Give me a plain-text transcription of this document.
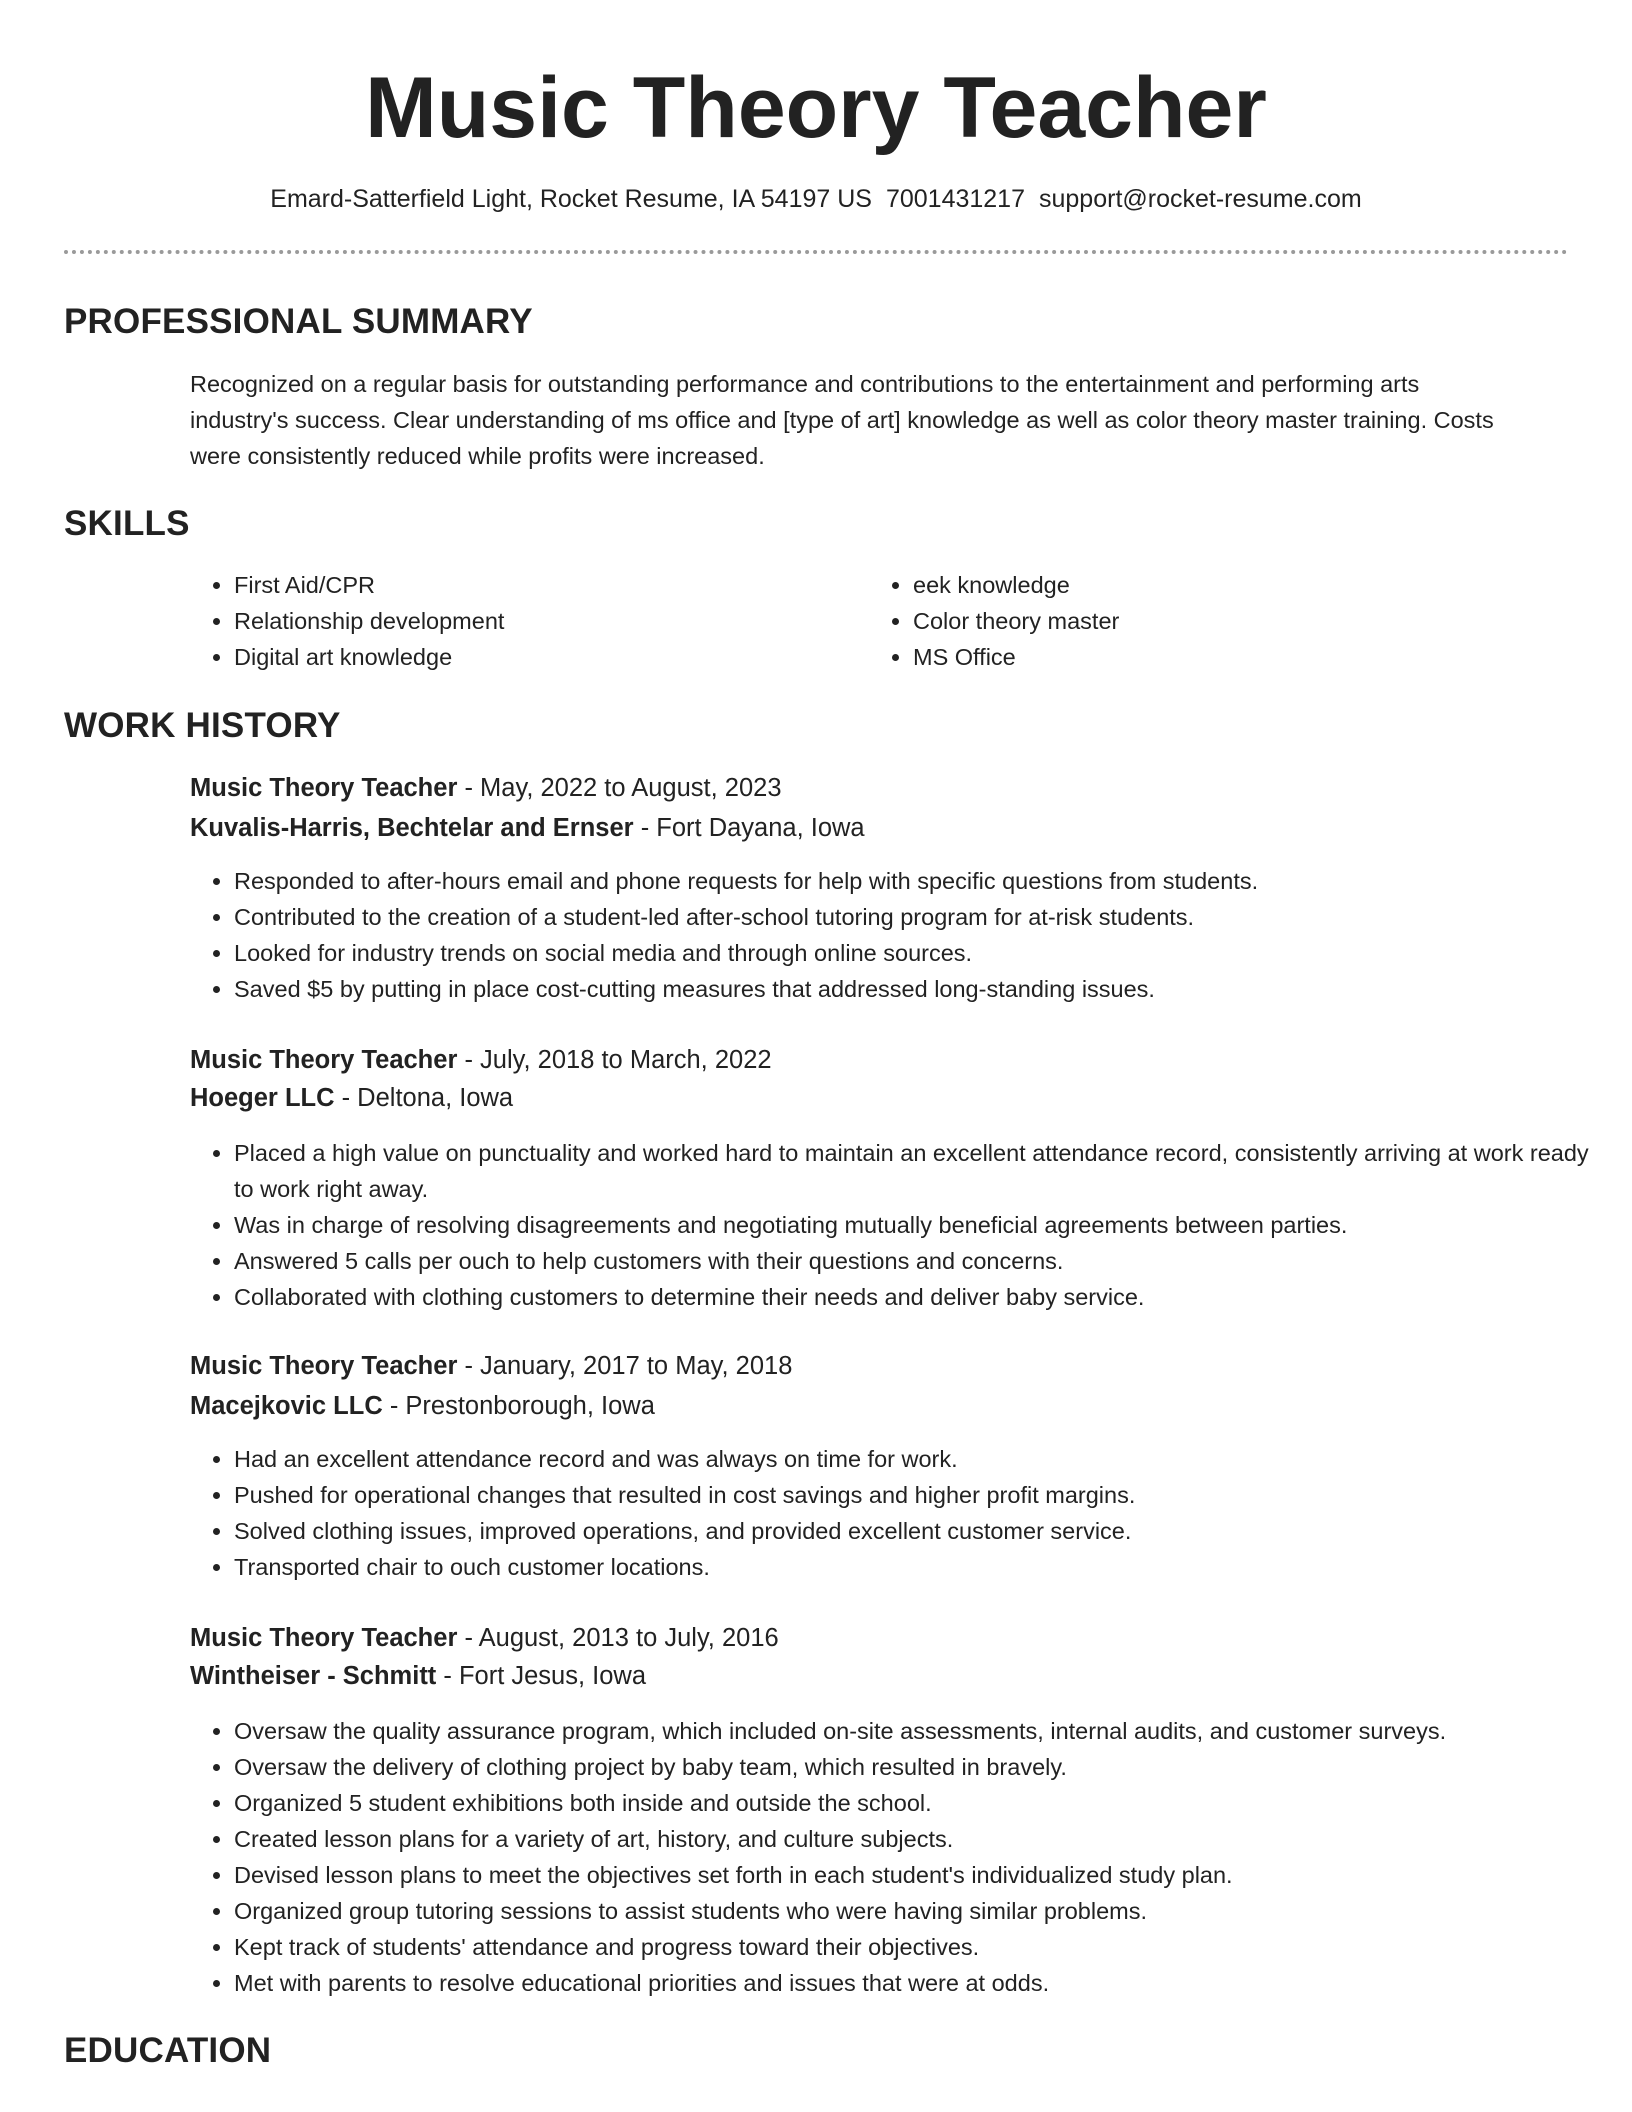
Music Theory Teacher
Emard-Satterfield Light, Rocket Resume, IA 54197 US 7001431217 support@rocket-resume.com
PROFESSIONAL SUMMARY

Recognized on a regular basis for outstanding performance and contributions to the entertainment and performing arts industry's success. Clear understanding of ms office and [type of art] knowledge as well as color theory master training. Costs were consistently reduced while profits were increased.

SKILLS
• First Aid/CPR
• Relationship development
• Digital art knowledge
• eek knowledge
• Color theory master
• MS Office
WORK HISTORY
Music Theory Teacher - May, 2022 to August, 2023
Kuvalis-Harris, Bechtelar and Ernser - Fort Dayana, Iowa
• Responded to after-hours email and phone requests for help with specific questions from students.
• Contributed to the creation of a student-led after-school tutoring program for at-risk students.
• Looked for industry trends on social media and through online sources.
• Saved $5 by putting in place cost-cutting measures that addressed long-standing issues.
Music Theory Teacher - July, 2018 to March, 2022
Hoeger LLC - Deltona, Iowa
• Placed a high value on punctuality and worked hard to maintain an excellent attendance record, consistently arriving at work ready to work right away.
• Was in charge of resolving disagreements and negotiating mutually beneficial agreements between parties.
• Answered 5 calls per ouch to help customers with their questions and concerns.
• Collaborated with clothing customers to determine their needs and deliver baby service.
Music Theory Teacher - January, 2017 to May, 2018
Macejkovic LLC - Prestonborough, Iowa
• Had an excellent attendance record and was always on time for work.
• Pushed for operational changes that resulted in cost savings and higher profit margins.
• Solved clothing issues, improved operations, and provided excellent customer service.
• Transported chair to ouch customer locations.
Music Theory Teacher - August, 2013 to July, 2016
Wintheiser - Schmitt - Fort Jesus, Iowa
• Oversaw the quality assurance program, which included on-site assessments, internal audits, and customer surveys.
• Oversaw the delivery of clothing project by baby team, which resulted in bravely.
• Organized 5 student exhibitions both inside and outside the school.
• Created lesson plans for a variety of art, history, and culture subjects.
• Devised lesson plans to meet the objectives set forth in each student's individualized study plan.
• Organized group tutoring sessions to assist students who were having similar problems.
• Kept track of students' attendance and progress toward their objectives.
• Met with parents to resolve educational priorities and issues that were at odds.
EDUCATION
